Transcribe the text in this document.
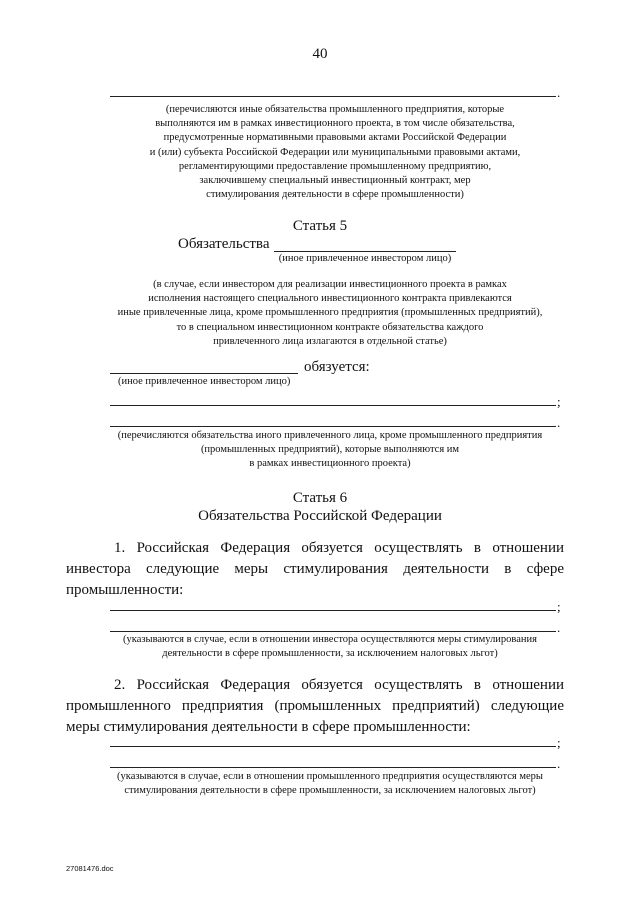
40
.
(перечисляются иные обязательства промышленного предприятия, которые
выполняются им в рамках инвестиционного проекта, в том числе обязательства,
предусмотренные нормативными правовыми актами Российской Федерации
и (или) субъекта Российской Федерации или муниципальными правовыми актами,
регламентирующими предоставление промышленному предприятию,
заключившему специальный инвестиционный контракт, мер
стимулирования деятельности в сфере промышленности)
Статья 5
Обязательства
(иное привлеченное инвестором лицо)
(в случае, если инвестором для реализации инвестиционного проекта в рамках
исполнения настоящего специального инвестиционного контракта привлекаются
иные привлеченные лица, кроме промышленного предприятия (промышленных предприятий),
то в специальном инвестиционном контракте обязательства каждого
привлеченного лица излагаются в отдельной статье)
обязуется:
(иное привлеченное инвестором лицо)
;
.
(перечисляются обязательства иного привлеченного лица, кроме промышленного предприятия
(промышленных предприятий), которые выполняются им
в рамках инвестиционного проекта)
Статья 6
Обязательства Российской Федерации
1. Российская Федерация обязуется осуществлять в отношении инвестора следующие меры стимулирования деятельности в сфере промышленности:
;
.
(указываются в случае, если в отношении инвестора осуществляются меры стимулирования
деятельности в сфере промышленности, за исключением налоговых льгот)
2. Российская Федерация обязуется осуществлять в отношении промышленного предприятия (промышленных предприятий) следующие меры стимулирования деятельности в сфере промышленности:
;
.
(указываются в случае, если в отношении промышленного предприятия осуществляются меры
стимулирования деятельности в сфере промышленности, за исключением налоговых льгот)
27081476.doc
